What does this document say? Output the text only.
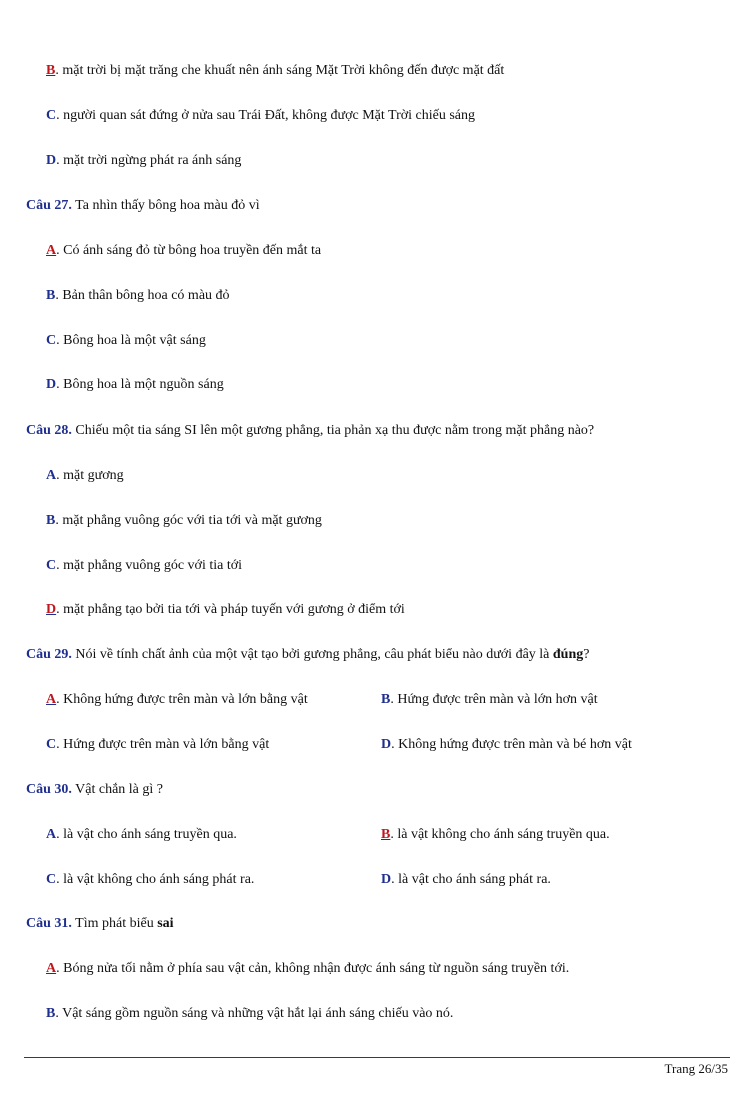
B. mặt trời bị mặt trăng che khuất nên ánh sáng Mặt Trời không đến được mặt đất
C. người quan sát đứng ở nửa sau Trái Đất, không được Mặt Trời chiếu sáng
D. mặt trời ngừng phát ra ánh sáng
Câu 27. Ta nhìn thấy bông hoa màu đỏ vì
A. Có ánh sáng đỏ từ bông hoa truyền đến mắt ta
B. Bản thân bông hoa có màu đỏ
C. Bông hoa là một vật sáng
D. Bông hoa là một nguồn sáng
Câu 28. Chiếu một tia sáng SI lên một gương phẳng, tia phản xạ thu được nằm trong mặt phẳng nào?
A. mặt gương
B. mặt phẳng vuông góc với tia tới và mặt gương
C. mặt phẳng vuông góc với tia tới
D. mặt phẳng tạo bởi tia tới và pháp tuyến với gương ở điểm tới
Câu 29. Nói về tính chất ảnh của một vật tạo bởi gương phẳng, câu phát biểu nào dưới đây là đúng?
A. Không hứng được trên màn và lớn bằng vật	B. Hứng được trên màn và lớn hơn vật
C. Hứng được trên màn và lớn bằng vật	D. Không hứng được trên màn và bé hơn vật
Câu 30. Vật chắn là gì ?
A. là vật cho ánh sáng truyền qua.	B. là vật không cho ánh sáng truyền qua.
C. là vật không cho ánh sáng phát ra.	D. là vật cho ánh sáng phát ra.
Câu 31. Tìm phát biểu sai
A. Bóng nửa tối nằm ở phía sau vật cản, không nhận được ánh sáng từ nguồn sáng truyền tới.
B. Vật sáng gồm nguồn sáng và những vật hắt lại ánh sáng chiếu vào nó.
Trang 26/35
